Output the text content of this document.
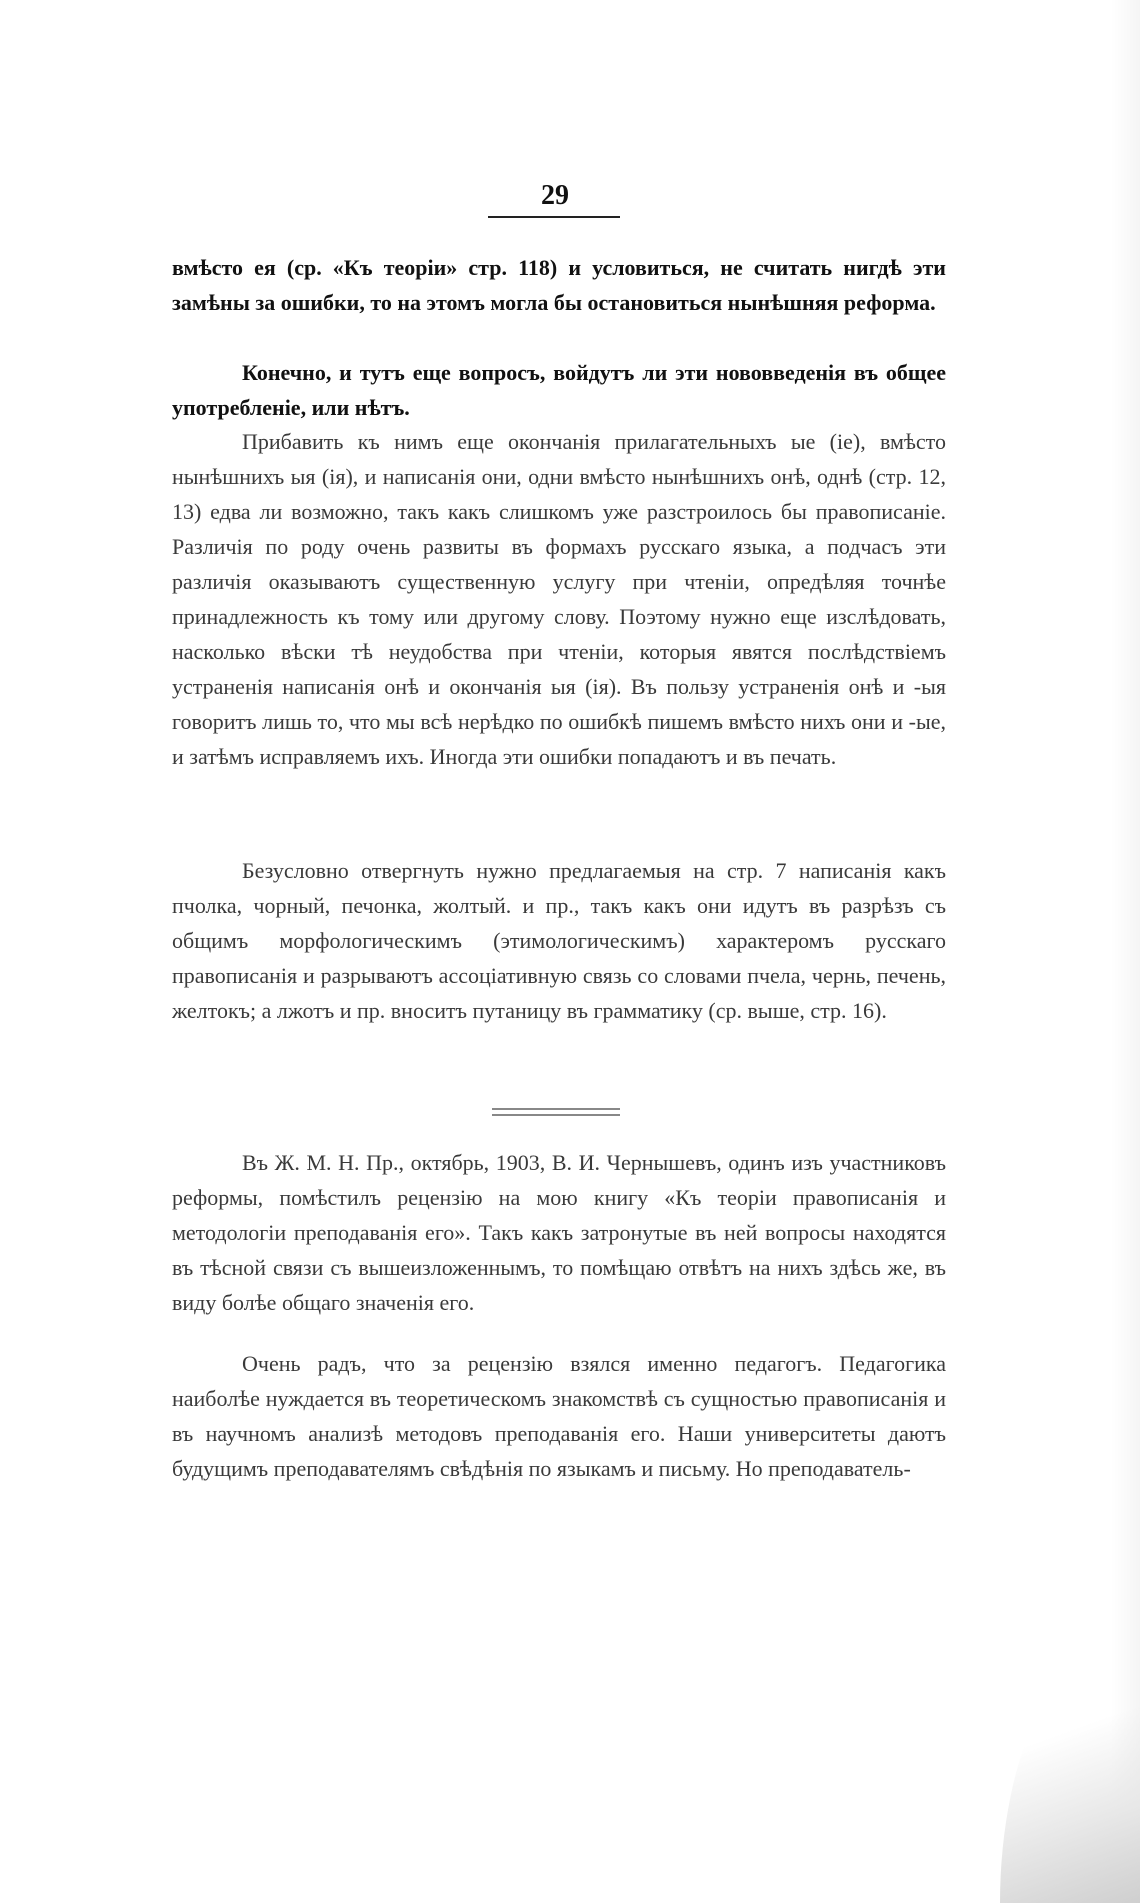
29

вмѣсто ея (ср. «Къ теоріи» стр. 118) и условиться, не считать нигдѣ эти замѣны за ошибки, то на этомъ могла бы остановиться нынѣшняя реформа.

Конечно, и тутъ еще вопросъ, войдутъ ли эти нововведенія въ общее употребленіе, или нѣтъ.

Прибавить къ нимъ еще окончанія прилагательныхъ ые (іе), вмѣсто нынѣшнихъ ыя (ія), и написанія они, одни вмѣсто нынѣшнихъ онѣ, однѣ (стр. 12, 13) едва ли возможно, такъ какъ слишкомъ уже разстроилось бы правописаніе. Различія по роду очень развиты въ формахъ русскаго языка, а подчасъ эти различія оказываютъ существенную услугу при чтеніи, опредѣляя точнѣе принадлежность къ тому или другому слову. Поэтому нужно еще изслѣдовать, насколько вѣски тѣ неудобства при чтеніи, которыя явятся послѣдствіемъ устраненія написанія онѣ и окончанія ыя (ія). Въ пользу устраненія онѣ и -ыя говоритъ лишь то, что мы всѣ нерѣдко по ошибкѣ пишемъ вмѣсто нихъ они и -ые, и затѣмъ исправляемъ ихъ. Иногда эти ошибки попадаютъ и въ печать.

Безусловно отвергнуть нужно предлагаемыя на стр. 7 написанія какъ пчолка, чорный, печонка, жолтый. и пр., такъ какъ они идутъ въ разрѣзъ съ общимъ морфологическимъ (этимологическимъ) характеромъ русскаго правописанія и разрываютъ ассоціативную связь со словами пчела, чернь, печень, желтокъ; а лжотъ и пр. вноситъ путаницу въ грамматику (ср. выше, стр. 16).

Въ Ж. М. Н. Пр., октябрь, 1903, В. И. Чернышевъ, одинъ изъ участниковъ реформы, помѣстилъ рецензію на мою книгу «Къ теоріи правописанія и методологіи преподаванія его». Такъ какъ затронутые въ ней вопросы находятся въ тѣсной связи съ вышеизложеннымъ, то помѣщаю отвѣтъ на нихъ здѣсь же, въ виду болѣе общаго значенія его.

Очень радъ, что за рецензію взялся именно педагогъ. Педагогика наиболѣе нуждается въ теоретическомъ знакомствѣ съ сущностью правописанія и въ научномъ анализѣ методовъ преподаванія его. Наши университеты даютъ будущимъ преподавателямъ свѣдѣнія по языкамъ и письму. Но преподаватель-
